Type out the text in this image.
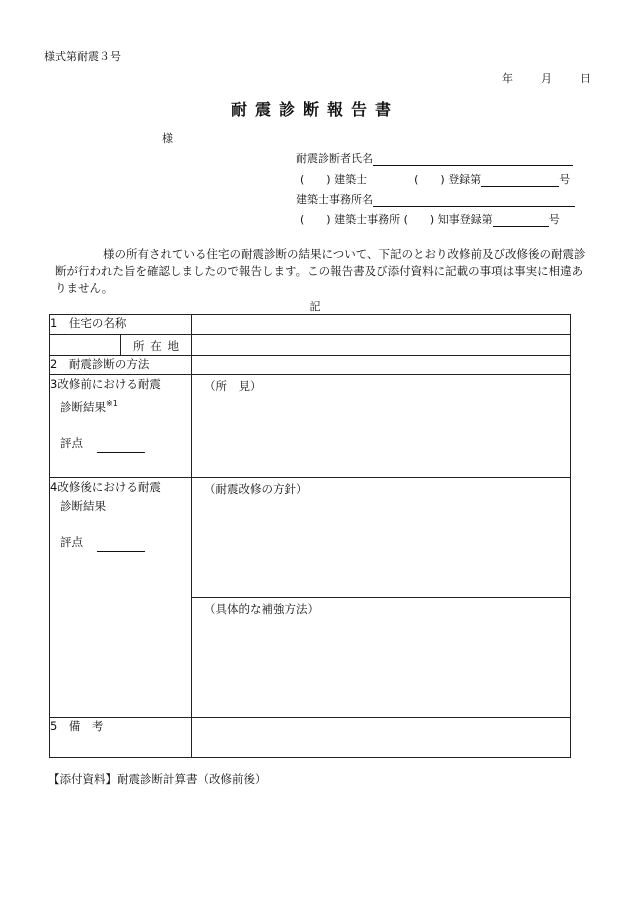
様式第耐震３号
年	月	日
耐震診断報告書
様
耐震診断者氏名
(  ) 建築士	(  ) 登録第	号
建築士事務所名
(  ) 建築士事務所 (  ) 知事登録第	号
様の所有されている住宅の耐震診断の結果について、下記のとおり改修前及び改修後の耐震診断が行われた旨を確認しましたので報告します。この報告書及び添付資料に記載の事項は事実に相違ありません。
記
1 住宅の名称	

所 在 地	

2 耐震診断の方法	

3改修前における耐震
診断結果$^{※1}$
評点	（所 見）

4改修後における耐震
診断結果
評点	（耐震改修の方針）
	（具体的な補強方法）
5 備 考	
【添付資料】耐震診断計算書（改修前後）
